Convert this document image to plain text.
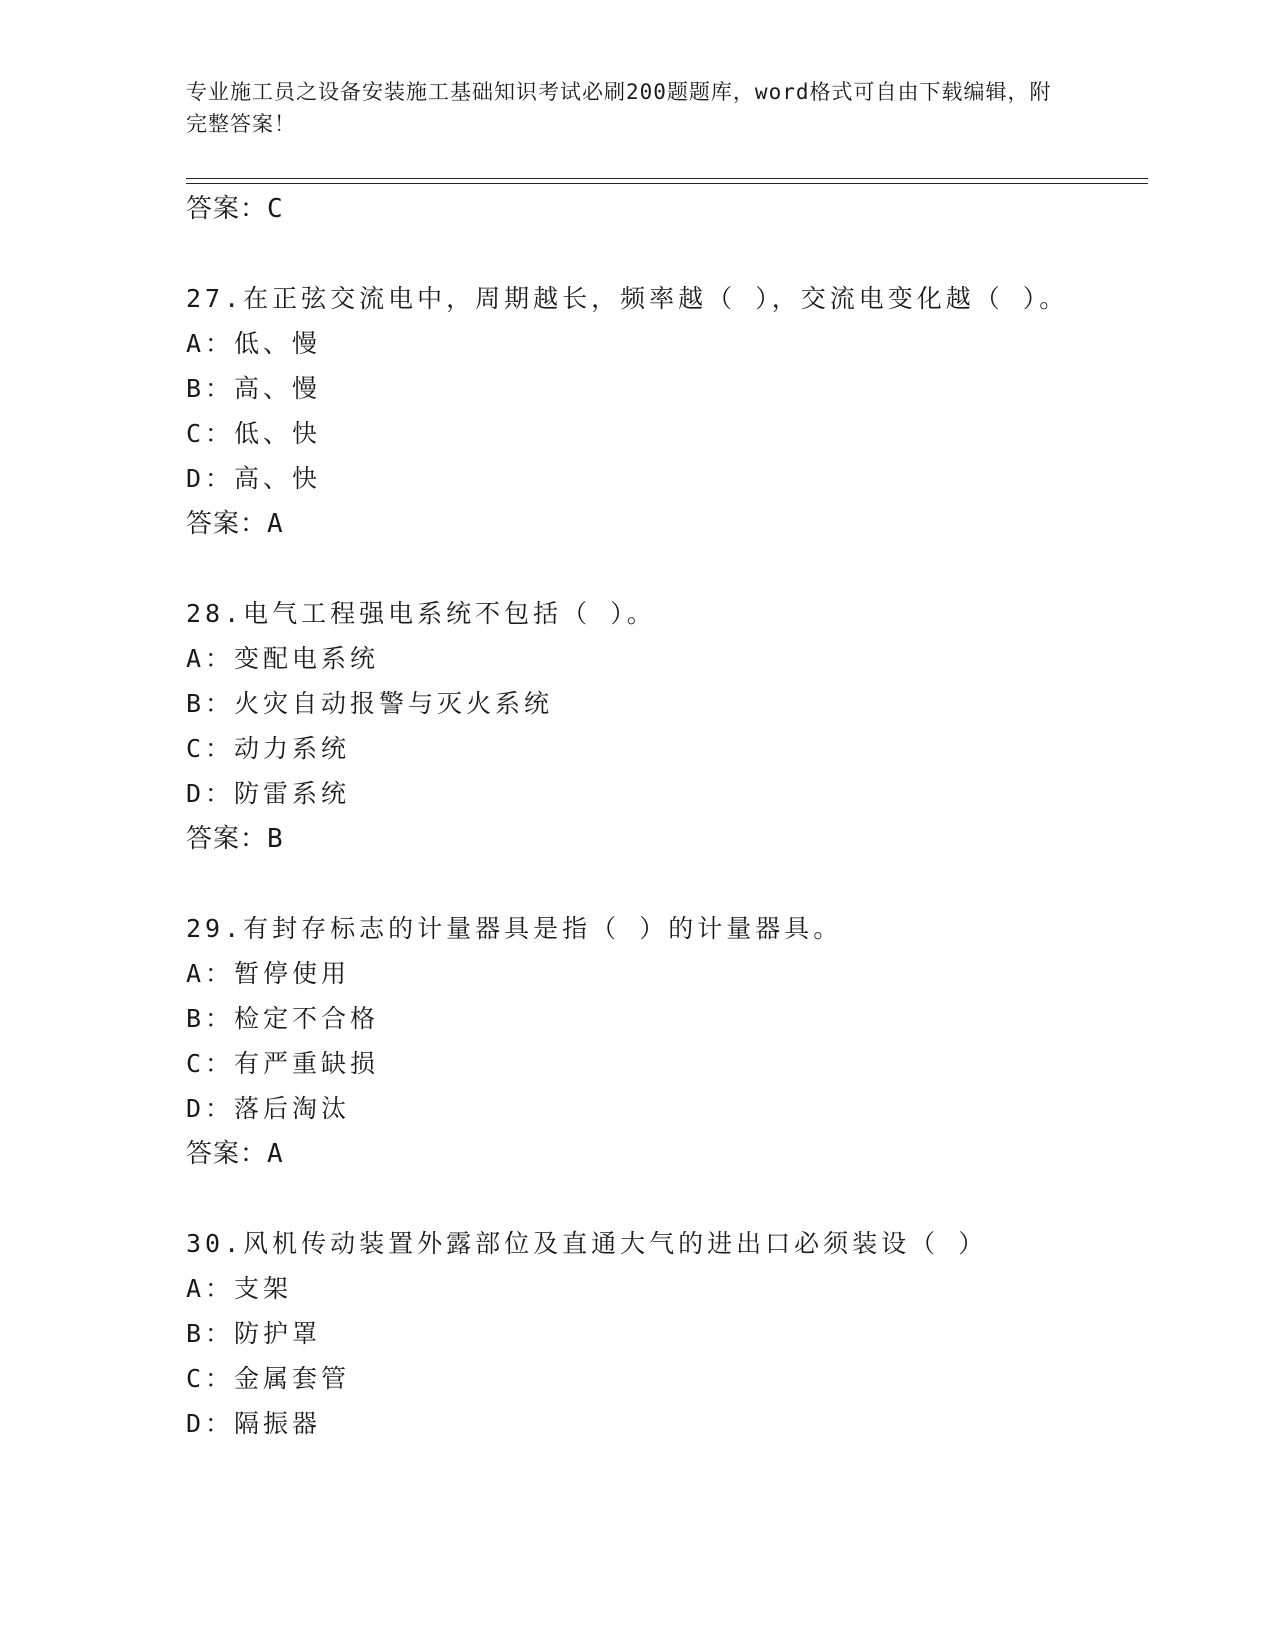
专业施工员之设备安装施工基础知识考试必刷200题题库，word格式可自由下载编辑，附完整答案！

答案：C
27.在正弦交流电中，周期越长，频率越（ ），交流电变化越（ ）。
A：低、慢
B：高、慢
C：低、快
D：高、快
答案：A
28.电气工程强电系统不包括（ ）。
A：变配电系统
B：火灾自动报警与灭火系统
C：动力系统
D：防雷系统
答案：B
29.有封存标志的计量器具是指（ ）的计量器具。
A：暂停使用
B：检定不合格
C：有严重缺损
D：落后淘汰
答案：A
30.风机传动装置外露部位及直通大气的进出口必须装设（ ）
A：支架
B：防护罩
C：金属套管
D：隔振器
